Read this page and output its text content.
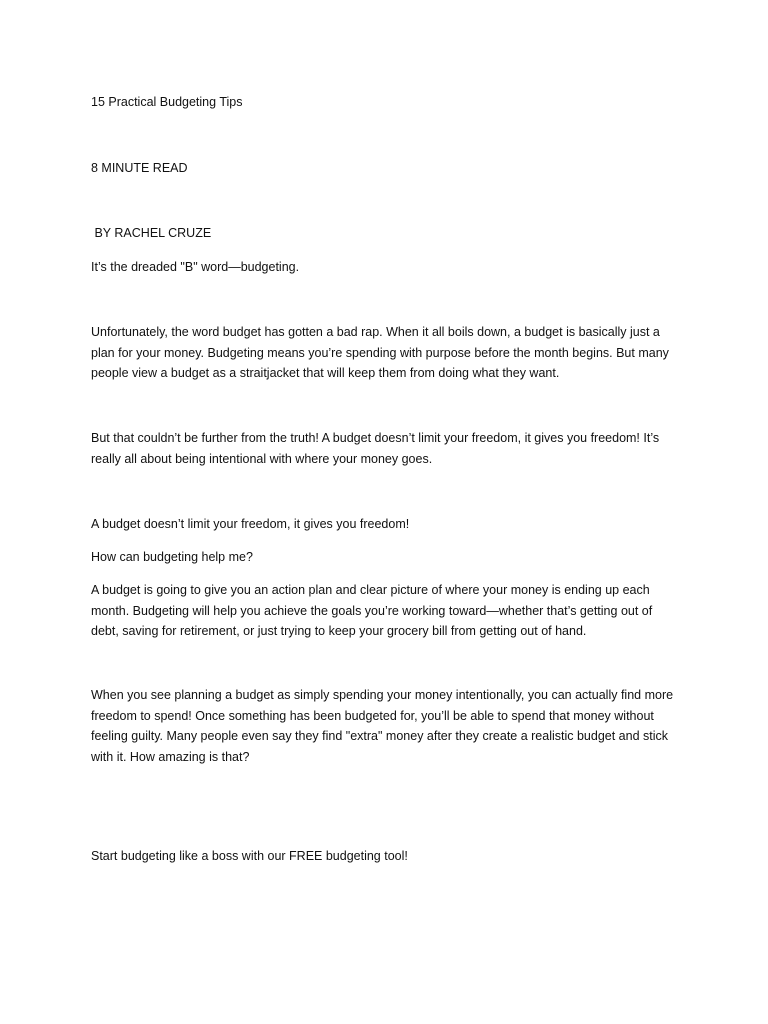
15 Practical Budgeting Tips

8 MINUTE READ

BY RACHEL CRUZE

It’s the dreaded "B" word—budgeting.

Unfortunately, the word budget has gotten a bad rap. When it all boils down, a budget is basically just a plan for your money. Budgeting means you’re spending with purpose before the month begins. But many people view a budget as a straitjacket that will keep them from doing what they want.

But that couldn’t be further from the truth! A budget doesn’t limit your freedom, it gives you freedom! It’s really all about being intentional with where your money goes.

A budget doesn’t limit your freedom, it gives you freedom!

How can budgeting help me?

A budget is going to give you an action plan and clear picture of where your money is ending up each month. Budgeting will help you achieve the goals you’re working toward—whether that’s getting out of debt, saving for retirement, or just trying to keep your grocery bill from getting out of hand.

When you see planning a budget as simply spending your money intentionally, you can actually find more freedom to spend! Once something has been budgeted for, you’ll be able to spend that money without feeling guilty. Many people even say they find "extra" money after they create a realistic budget and stick with it. How amazing is that?

Start budgeting like a boss with our FREE budgeting tool!
